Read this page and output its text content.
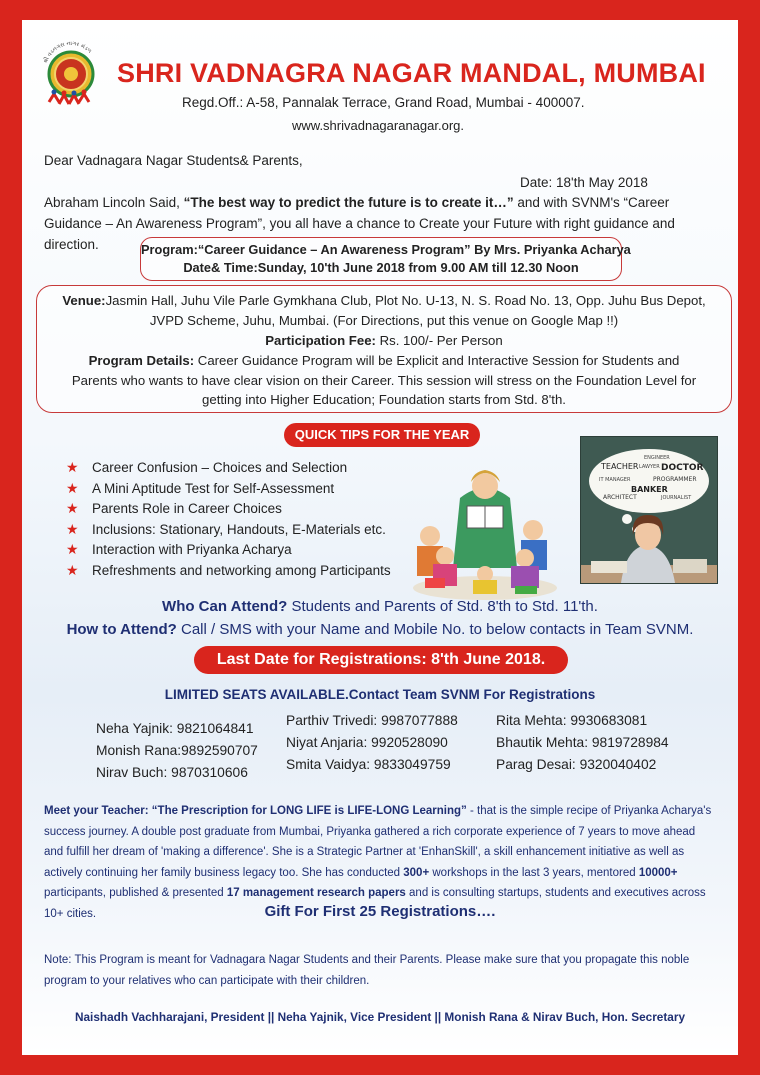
શ્રી વડનગરા નાગર મંડળ
SHRI VADNAGRA NAGAR MANDAL, MUMBAI
Regd.Off.: A-58, Pannalak Terrace, Grand Road, Mumbai - 400007.
www.shrivadnagaranagar.org.
Dear Vadnagara Nagar Students& Parents,
Date: 18'th May 2018
Abraham Lincoln Said, “The best way to predict the future is to create it…” and with SVNM's “Career
Guidance – An Awareness Program”, you all have a chance to Create your Future with right guidance and
direction.	Program:“Career Guidance – An Awareness Program” By Mrs. Priyanka Acharya
Date& Time:Sunday, 10'th June 2018 from 9.00 AM till 12.30 Noon
Venue:Jasmin Hall, Juhu Vile Parle Gymkhana Club, Plot No. U-13, N. S. Road No. 13, Opp. Juhu Bus Depot,
JVPD Scheme, Juhu, Mumbai. (For Directions, put this venue on Google Map !!)
Participation Fee: Rs. 100/- Per Person
Program Details: Career Guidance Program will be Explicit and Interactive Session for Students and
Parents who wants to have clear vision on their Career. This session will stress on the Foundation Level for
getting into Higher Education; Foundation starts from Std. 8'th.
QUICK TIPS FOR THE YEAR
★ Career Confusion – Choices and Selection
★ A Mini Aptitude Test for Self-Assessment
★ Parents Role in Career Choices
★ Inclusions: Stationary, Handouts, E-Materials etc.
★ Interaction with Priyanka Acharya
★ Refreshments and networking among Participants
ENGINEER
TEACHER LAWYER DOCTOR
PROGRAMMER
IT MANAGER
BANKER
ARCHITECT	JOURNALIST
Who Can Attend? Students and Parents of Std. 8'th to Std. 11'th.
How to Attend? Call / SMS with your Name and Mobile No. to below contacts in Team SVNM.
Last Date for Registrations: 8'th June 2018.
LIMITED SEATS AVAILABLE.Contact Team SVNM For Registrations
Neha Yajnik: 9821064841
Monish Rana:9892590707
Nirav Buch: 9870310606
Parthiv Trivedi: 9987077888
Niyat Anjaria: 9920528090
Smita Vaidya: 9833049759
Rita Mehta: 9930683081
Bhautik Mehta: 9819728984
Parag Desai: 9320040402
Meet your Teacher: “The Prescription for LONG LIFE is LIFE-LONG Learning” - that is the simple recipe of Priyanka Acharya's success journey. A double post graduate from Mumbai, Priyanka gathered a rich corporate experience of 7 years to move ahead and fulfill her dream of 'making a difference'. She is a Strategic Partner at 'EnhanSkill', a skill enhancement initiative as well as actively continuing her family business legacy too. She has conducted 300+ workshops in the last 3 years, mentored 10000+ participants, published & presented 17 management research papers and is consulting startups, students and executives across 10+ cities.	Gift For First 25 Registrations….
Note: This Program is meant for Vadnagara Nagar Students and their Parents. Please make sure that you propagate this noble program to your relatives who can participate with their children.
Naishadh Vachharajani, President || Neha Yajnik, Vice President || Monish Rana & Nirav Buch, Hon. Secretary
